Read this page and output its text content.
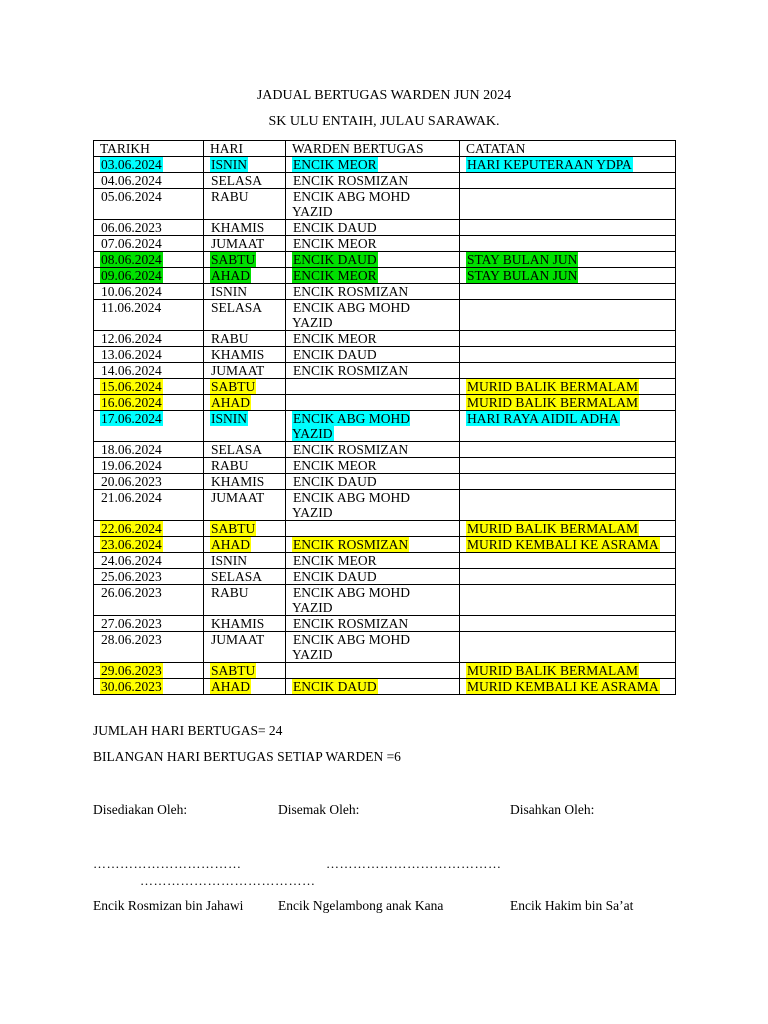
JADUAL BERTUGAS WARDEN JUN 2024
SK ULU ENTAIH, JULAU SARAWAK.
TARIKH	HARI	WARDEN BERTUGAS	CATATAN
03.06.2024	ISNIN	ENCIK MEOR	HARI KEPUTERAAN YDPA
04.06.2024	SELASA	ENCIK ROSMIZAN	
05.06.2024	RABU	ENCIK ABG MOHD YAZID	
06.06.2023	KHAMIS	ENCIK DAUD	
07.06.2024	JUMAAT	ENCIK MEOR	
08.06.2024	SABTU	ENCIK DAUD	STAY BULAN JUN
09.06.2024	AHAD	ENCIK MEOR	STAY BULAN JUN
10.06.2024	ISNIN	ENCIK ROSMIZAN	
11.06.2024	SELASA	ENCIK ABG MOHD YAZID	
12.06.2024	RABU	ENCIK MEOR	
13.06.2024	KHAMIS	ENCIK DAUD	
14.06.2024	JUMAAT	ENCIK ROSMIZAN	
15.06.2024	SABTU		MURID BALIK BERMALAM
16.06.2024	AHAD		MURID BALIK BERMALAM
17.06.2024	ISNIN	ENCIK ABG MOHD YAZID	HARI RAYA AIDIL ADHA
18.06.2024	SELASA	ENCIK ROSMIZAN	
19.06.2024	RABU	ENCIK MEOR	
20.06.2023	KHAMIS	ENCIK DAUD	
21.06.2024	JUMAAT	ENCIK ABG MOHD YAZID	
22.06.2024	SABTU		MURID BALIK BERMALAM
23.06.2024	AHAD	ENCIK ROSMIZAN	MURID KEMBALI KE ASRAMA
24.06.2024	ISNIN	ENCIK MEOR	
25.06.2023	SELASA	ENCIK DAUD	
26.06.2023	RABU	ENCIK ABG MOHD YAZID	
27.06.2023	KHAMIS	ENCIK ROSMIZAN	
28.06.2023	JUMAAT	ENCIK ABG MOHD YAZID	
29.06.2023	SABTU		MURID BALIK BERMALAM
30.06.2023	AHAD	ENCIK DAUD	MURID KEMBALI KE ASRAMA
JUMLAH HARI BERTUGAS= 24
BILANGAN HARI BERTUGAS SETIAP WARDEN =6
Disediakan Oleh:	Disemak Oleh:	Disahkan Oleh:
……………………………	…………………………………
…………………………………
Encik Rosmizan bin Jahawi	Encik Ngelambong anak Kana	Encik Hakim bin Sa’at
